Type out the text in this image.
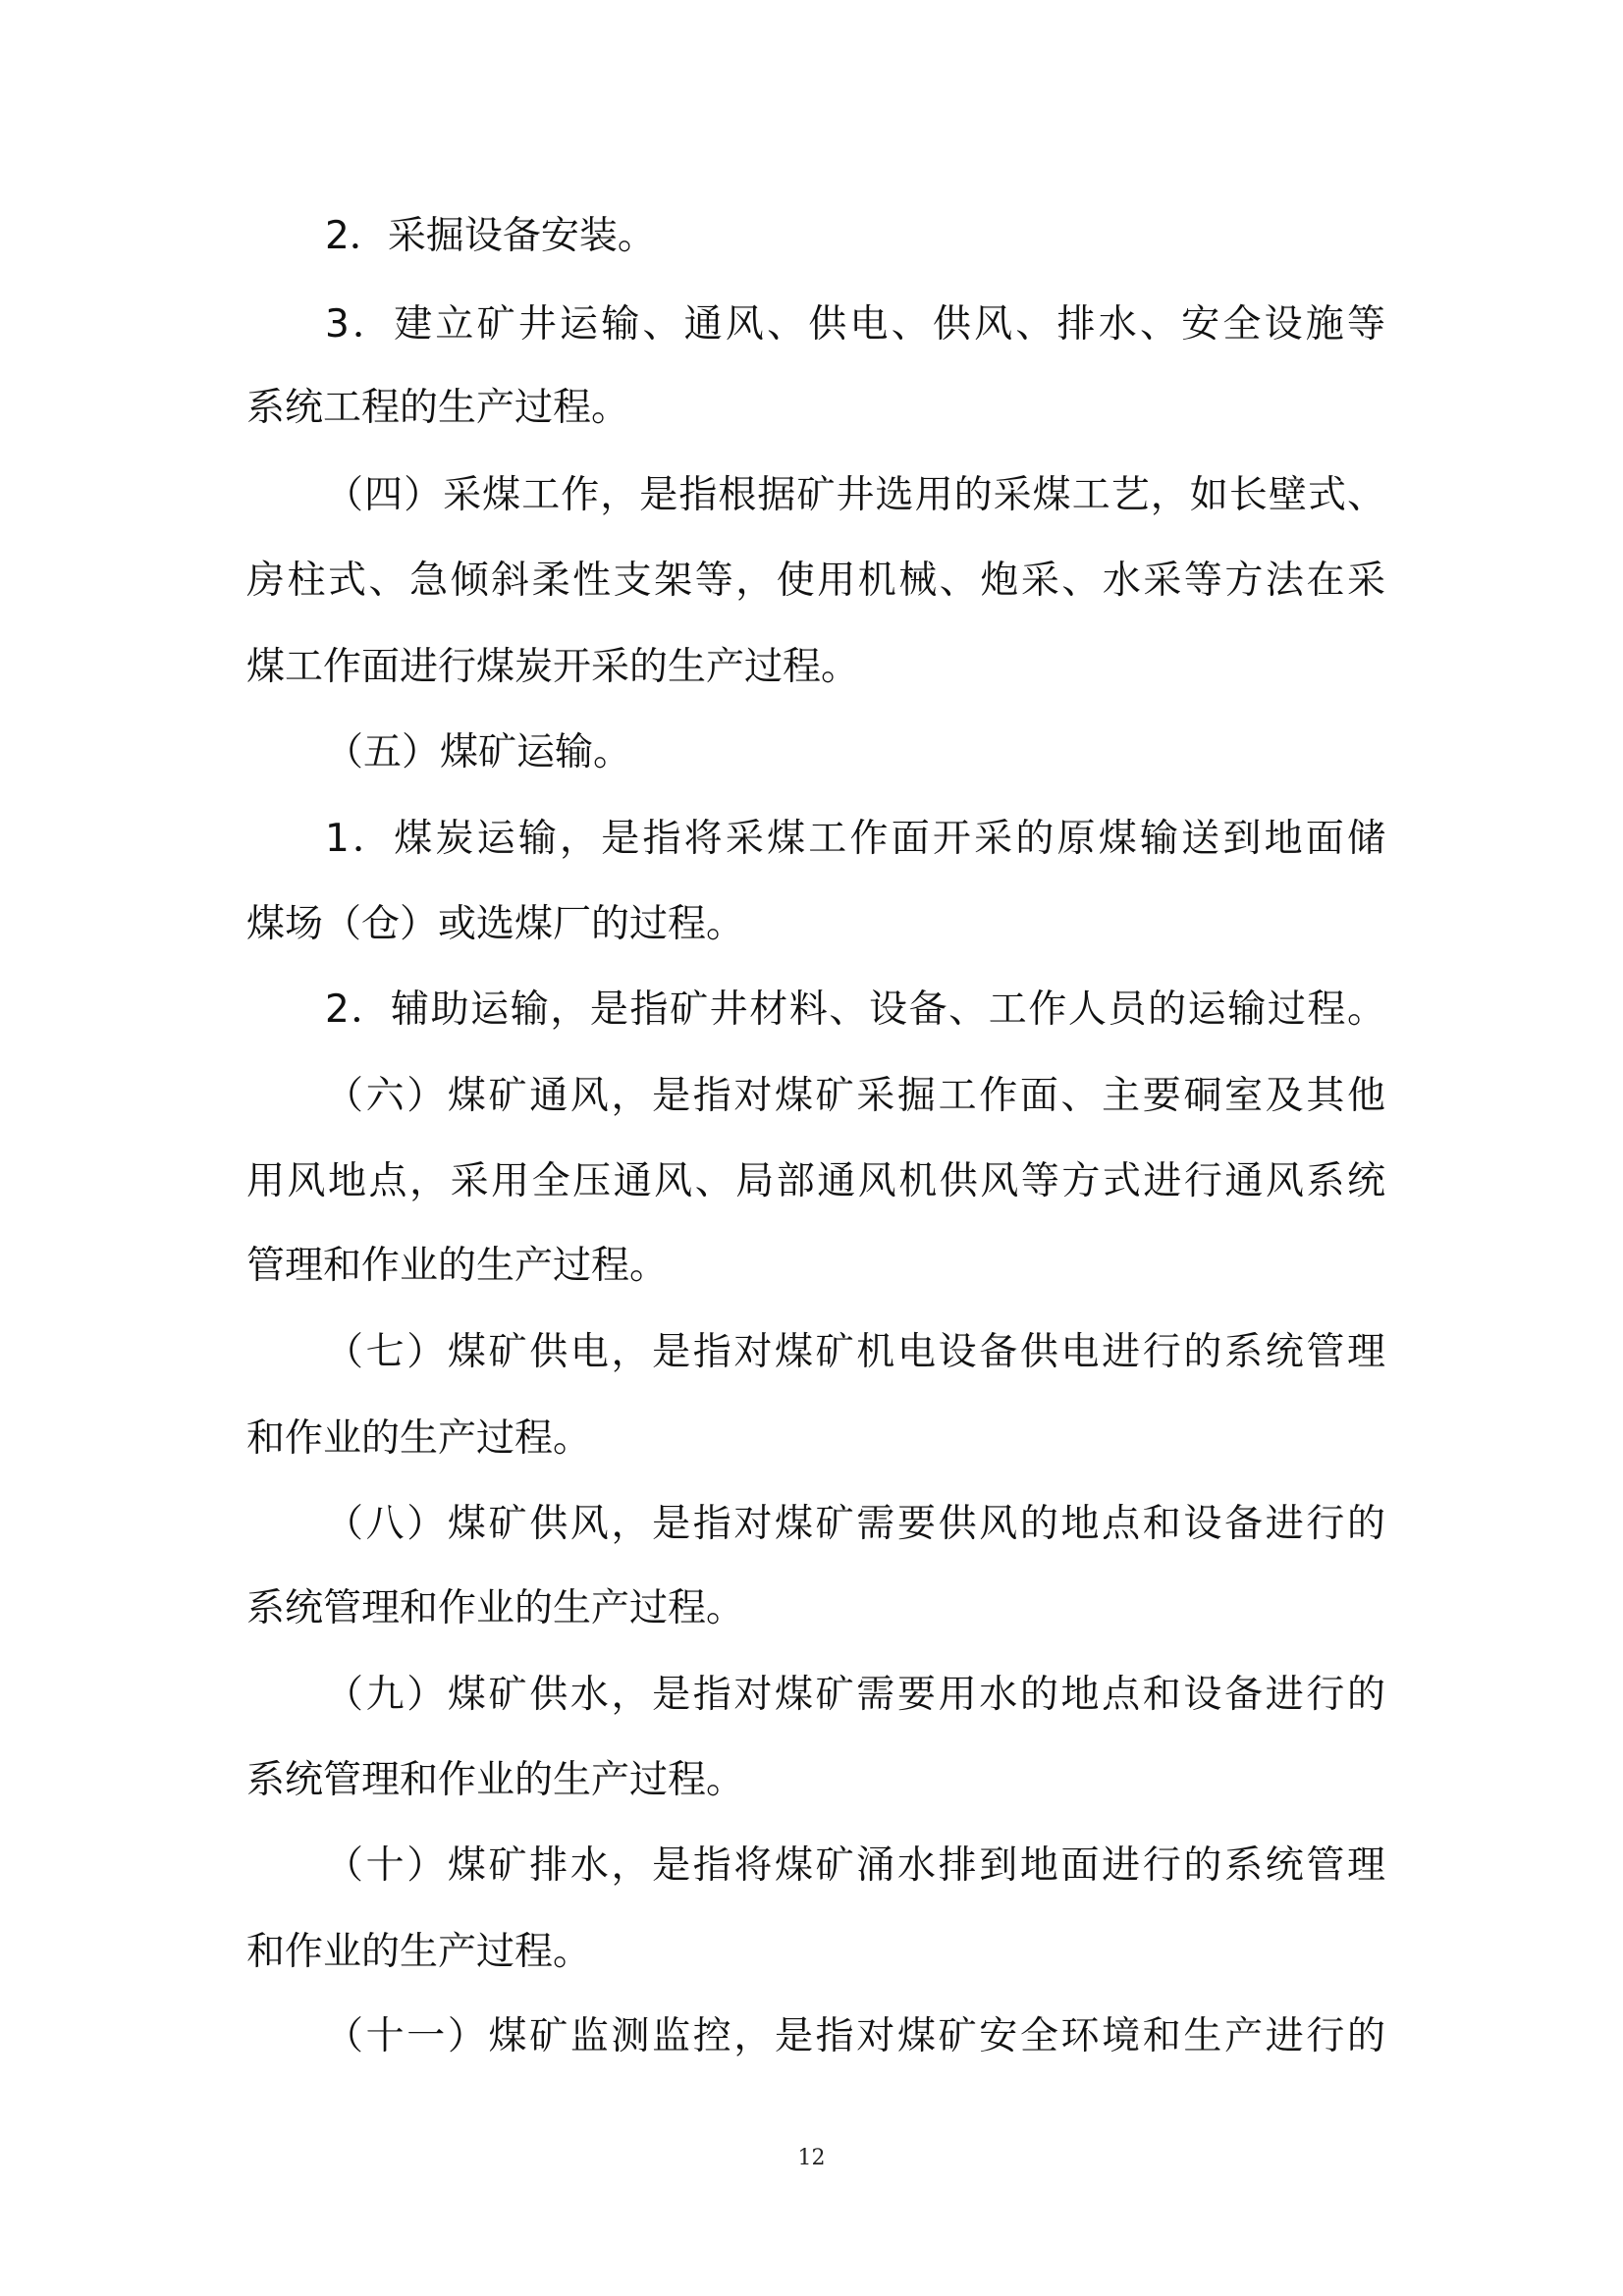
2．采掘设备安装。
3．建立矿井运输、通风、供电、供风、排水、安全设施等
系统工程的生产过程。
（四）采煤工作，是指根据矿井选用的采煤工艺，如长壁式、
房柱式、急倾斜柔性支架等，使用机械、炮采、水采等方法在采
煤工作面进行煤炭开采的生产过程。
（五）煤矿运输。
1．煤炭运输，是指将采煤工作面开采的原煤输送到地面储
煤场（仓）或选煤厂的过程。
2．辅助运输，是指矿井材料、设备、工作人员的运输过程。
（六）煤矿通风，是指对煤矿采掘工作面、主要硐室及其他
用风地点，采用全压通风、局部通风机供风等方式进行通风系统
管理和作业的生产过程。
（七）煤矿供电，是指对煤矿机电设备供电进行的系统管理
和作业的生产过程。
（八）煤矿供风，是指对煤矿需要供风的地点和设备进行的
系统管理和作业的生产过程。
（九）煤矿供水，是指对煤矿需要用水的地点和设备进行的
系统管理和作业的生产过程。
（十）煤矿排水，是指将煤矿涌水排到地面进行的系统管理
和作业的生产过程。
（十一）煤矿监测监控，是指对煤矿安全环境和生产进行的
12
